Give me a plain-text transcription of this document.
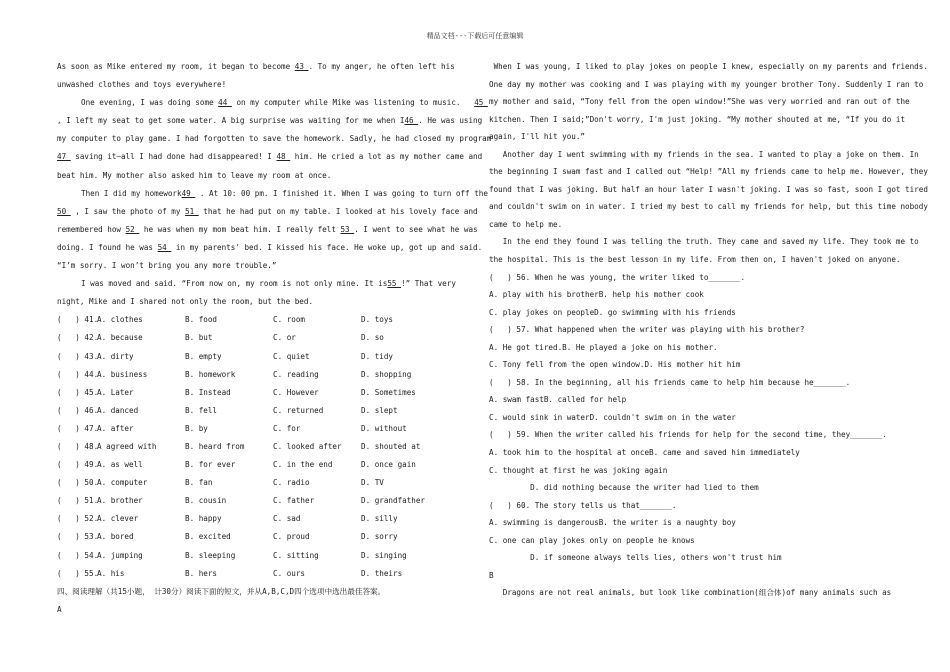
精品文档---下载后可任意编辑
As soon as Mike entered my room, it began to become 43 . To my anger, he often left his
unwashed clothes and toys everywhere!
One evening, I was doing some 44  on my computer while Mike was listening to music.   45
, I left my seat to get some water. A big surprise was waiting for me when I46 . He was using
my computer to play game. I had forgotten to save the homework. Sadly, he had closed my program
47  saving it—all I had done had disappeared! I 48  him. He cried a lot as my mother came and
beat him. My mother also asked him to leave my room at once.
Then I did my homework49  . At 10: 00 pm. I finished it. When I was going to turn off the
50  , I saw the photo of my 51  that he had put on my table. I looked at his lovely face and
remembered how 52  he was when my mom beat him. I really felt 53 . I went to see what he was
doing. I found he was 54  in my parents' bed. I kissed his face. He woke up, got up and said.
“I’m sorry. I won’t bring you any more trouble.”
I was moved and said. “From now on, my room is not only mine. It is55 !” That very
night, Mike and I shared not only the room, but the bed.
(   ) 41.
A. clothes	B. food	C. room	D. toys
(   ) 42.
A. because	B. but	C. or	D. so
(   ) 43.
A. dirty	B. empty	C. quiet	D. tidy
(   ) 44.
A. business	B. homework	C. reading	D. shopping
(   ) 45.
A. Later	B. Instead	C. However	D. Sometimes
(   ) 46.
A. danced	B. fell	C. returned	D. slept
(   ) 47.
A. after	B. by	C. for	D. without
(   ) 48.
A agreed with	B. heard from	C. looked after	D. shouted at
(   ) 49.
A. as well	B. for ever	C. in the end	D. once gain
(   ) 50.
A. computer	B. fan	C. radio	D. TV
(   ) 51.
A. brother	B. cousin	C. father	D. grandfather
(   ) 52.
A. clever	B. happy	C. sad	D. silly
(   ) 53.
A. bored	B. excited	C. proud	D. sorry
(   ) 54.
A. jumping	B. sleeping	C. sitting	D. singing
(   ) 55.
A. his	B. hers	C. ours	D. theirs
四、阅读理解（共15小题， 计30分）阅读下面的短文，并从A,B,C,D四个选项中选出最佳答案。
A
When I was young, I liked to play jokes on people I knew, especially on my parents and friends.
One day my mother was cooking and I was playing with my younger brother Tony. Suddenly I ran to
my mother and said, “Tony fell from the open window!”She was very worried and ran out of the
kitchen. Then I said;”Don't worry, I'm just joking. “My mother shouted at me, “If you do it
again, I'll hit you.”
Another day I went swimming with my friends in the sea. I wanted to play a joke on them. In
the beginning I swam fast and I called out “Help! ”All my friends came to help me. However, they
found that I was joking. But half an hour later I wasn't joking. I was so fast, soon I got tired
and couldn't swim on in water. I tried my best to call my friends for help, but this time nobody
came to help me.
In the end they found I was telling the truth. They came and saved my life. They took me to
the hospital. This is the best lesson in my life. From then on, I haven't joked on anyone.
(   ) 56. When he was young, the writer liked to_______.
A. play with his brotherB. help his mother cook
C. play jokes on peopleD. go swimming with his friends
(   ) 57. What happened when the writer was playing with his brother?
A. He got tired.B. He played a joke on his mother.
C. Tony fell from the open window.D. His mother hit him
(   ) 58. In the beginning, all his friends came to help him because he_______.
A. swam fastB. called for help
C. would sink in waterD. couldn't swim on in the water
(   ) 59. When the writer called his friends for help for the second time, they_______.
A. took him to the hospital at onceB. came and saved him immediately
C. thought at first he was joking again
D. did nothing because the writer had lied to them
(   ) 60. The story tells us that_______.
A. swimming is dangerousB. the writer is a naughty boy
C. one can play jokes only on people he knows
D. if someone always tells lies, others won't trust him
B
Dragons are not real animals, but look like combination(组合体)of many animals such as
